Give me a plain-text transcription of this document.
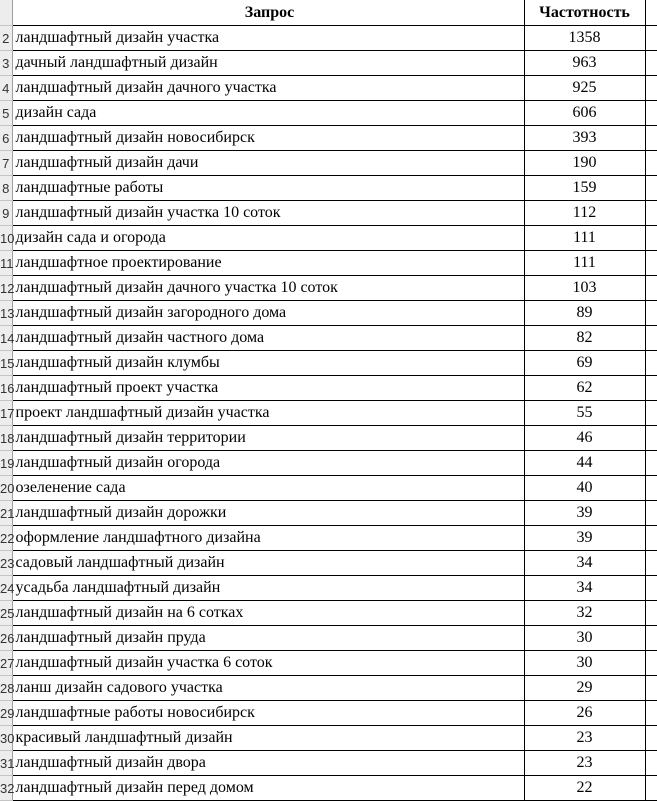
	Запрос	Частотность	
2	ландшафтный дизайн участка	1358	
3	дачный ландшафтный дизайн	963	
4	ландшафтный дизайн дачного участка	925	
5	дизайн сада	606	
6	ландшафтный дизайн новосибирск	393	
7	ландшафтный дизайн дачи	190	
8	ландшафтные работы	159	
9	ландшафтный дизайн участка 10 соток	112	
10	дизайн сада и огорода	111	
11	ландшафтное проектирование	111	
12	ландшафтный дизайн дачного участка 10 соток	103	
13	ландшафтный дизайн загородного дома	89	
14	ландшафтный дизайн частного дома	82	
15	ландшафтный дизайн клумбы	69	
16	ландшафтный проект участка	62	
17	проект ландшафтный дизайн участка	55	
18	ландшафтный дизайн территории	46	
19	ландшафтный дизайн огорода	44	
20	озеленение сада	40	
21	ландшафтный дизайн дорожки	39	
22	оформление ландшафтного дизайна	39	
23	садовый ландшафтный дизайн	34	
24	усадьба ландшафтный дизайн	34	
25	ландшафтный дизайн на 6 сотках	32	
26	ландшафтный дизайн пруда	30	
27	ландшафтный дизайн участка 6 соток	30	
28	ланш дизайн садового участка	29	
29	ландшафтные работы новосибирск	26	
30	красивый ландшафтный дизайн	23	
31	ландшафтный дизайн двора	23	
32	ландшафтный дизайн перед домом	22	
